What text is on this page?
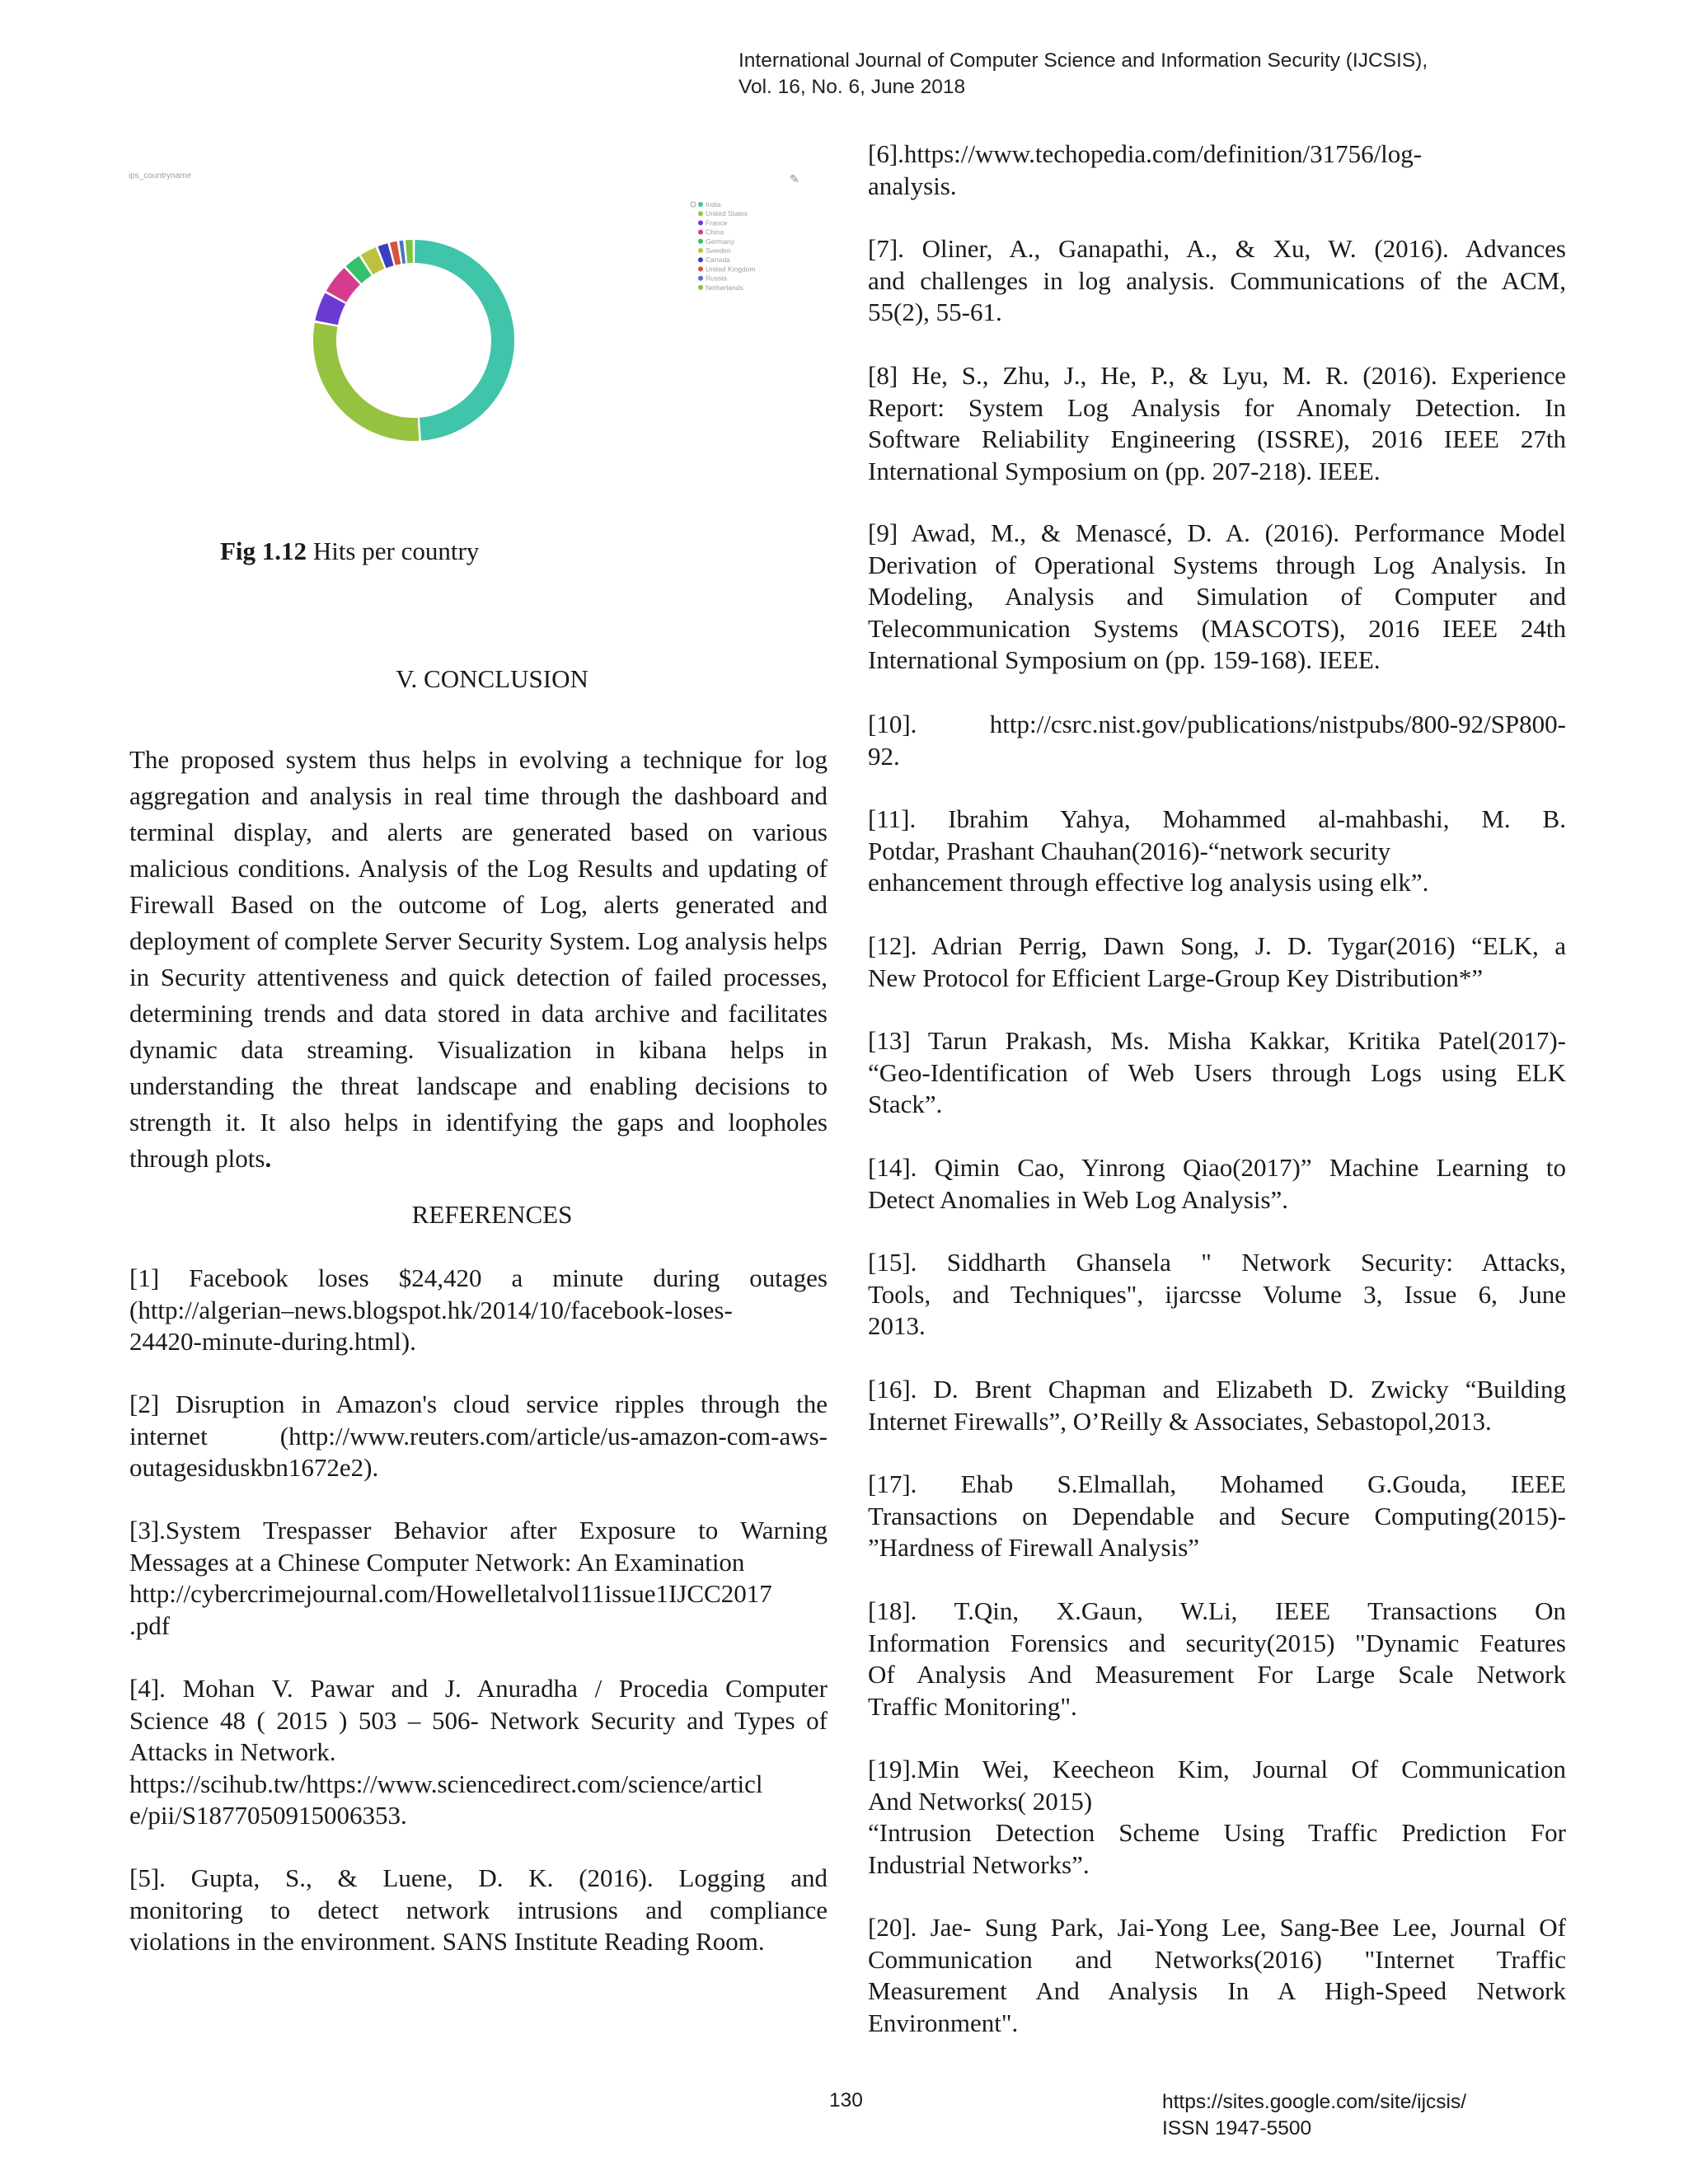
International Journal of Computer Science and Information Security (IJCSIS),
Vol. 16, No. 6, June 2018
ips_countryname
India
United States
France
China
Germany
Sweden
Canada
United Kingdom
Russia
Netherlands
✎
Fig 1.12 Hits per country
V. CONCLUSION
The proposed system thus helps in evolving a technique for log aggregation and analysis in real time through the dashboard and terminal display, and alerts are generated based on various malicious conditions. Analysis of the Log Results and updating of Firewall Based on the outcome of Log, alerts generated and deployment of complete Server Security System. Log analysis helps in Security attentiveness and quick detection of failed processes, determining trends and data stored in data archive and facilitates dynamic data streaming. Visualization in kibana helps in understanding the threat landscape and enabling decisions to strength it. It also helps in identifying the gaps and loopholes through plots.
REFERENCES
[1] Facebook loses $24,420 a minute during outages
(http://algerian–news.blogspot.hk/2014/10/facebook-loses-
24420-minute-during.html).
[2] Disruption in Amazon's cloud service ripples through the
internet (http://www.reuters.com/article/us-amazon-com-aws-
outagesiduskbn1672e2).
[3].System Trespasser Behavior after Exposure to Warning
Messages at a Chinese Computer Network: An Examination
http://cybercrimejournal.com/Howelletalvol11issue1IJCC2017
.pdf
[4]. Mohan V. Pawar and J. Anuradha / Procedia Computer
Science 48 ( 2015 ) 503 – 506- Network Security and Types of
Attacks in Network.
https://scihub.tw/https://www.sciencedirect.com/science/articl
e/pii/S1877050915006353.
[5]. Gupta, S., & Luene, D. K. (2016). Logging and
monitoring to detect network intrusions and compliance
violations in the environment. SANS Institute Reading Room.
[6].https://www.techopedia.com/definition/31756/log-
analysis.
[7]. Oliner, A., Ganapathi, A., & Xu, W. (2016). Advances
and challenges in log analysis. Communications of the ACM,
55(2), 55-61.
[8] He, S., Zhu, J., He, P., & Lyu, M. R. (2016). Experience
Report: System Log Analysis for Anomaly Detection. In
Software Reliability Engineering (ISSRE), 2016 IEEE 27th
International Symposium on (pp. 207-218). IEEE.
[9] Awad, M., & Menascé, D. A. (2016). Performance Model
Derivation of Operational Systems through Log Analysis. In
Modeling, Analysis and Simulation of Computer and
Telecommunication Systems (MASCOTS), 2016 IEEE 24th
International Symposium on (pp. 159-168). IEEE.
[10]. http://csrc.nist.gov/publications/nistpubs/800-92/SP800-
92.
[11]. Ibrahim Yahya, Mohammed al-mahbashi, M. B.
Potdar, Prashant Chauhan(2016)-“network security
enhancement through effective log analysis using elk”.
[12]. Adrian Perrig, Dawn Song, J. D. Tygar(2016) “ELK, a
New Protocol for Efficient Large-Group Key Distribution*”
[13] Tarun Prakash, Ms. Misha Kakkar, Kritika Patel(2017)-
“Geo-Identification of Web Users through Logs using ELK
Stack”.
[14]. Qimin Cao, Yinrong Qiao(2017)” Machine Learning to
Detect Anomalies in Web Log Analysis”.
[15]. Siddharth Ghansela " Network Security: Attacks,
Tools, and Techniques", ijarcsse Volume 3, Issue 6, June
2013.
[16]. D. Brent Chapman and Elizabeth D. Zwicky “Building
Internet Firewalls”, O’Reilly & Associates, Sebastopol,2013.
[17]. Ehab S.Elmallah, Mohamed G.Gouda, IEEE
Transactions on Dependable and Secure Computing(2015)-
”Hardness of Firewall Analysis”
[18]. T.Qin, X.Gaun, W.Li, IEEE Transactions On
Information Forensics and security(2015) "Dynamic Features
Of Analysis And Measurement For Large Scale Network
Traffic Monitoring".
[19].Min Wei, Keecheon Kim, Journal Of Communication
And Networks( 2015)
“Intrusion Detection Scheme Using Traffic Prediction For
Industrial Networks”.
[20]. Jae- Sung Park, Jai-Yong Lee, Sang-Bee Lee, Journal Of
Communication and Networks(2016) "Internet Traffic
Measurement And Analysis In A High-Speed Network
Environment".
130	https://sites.google.com/site/ijcsis/
ISSN 1947-5500
